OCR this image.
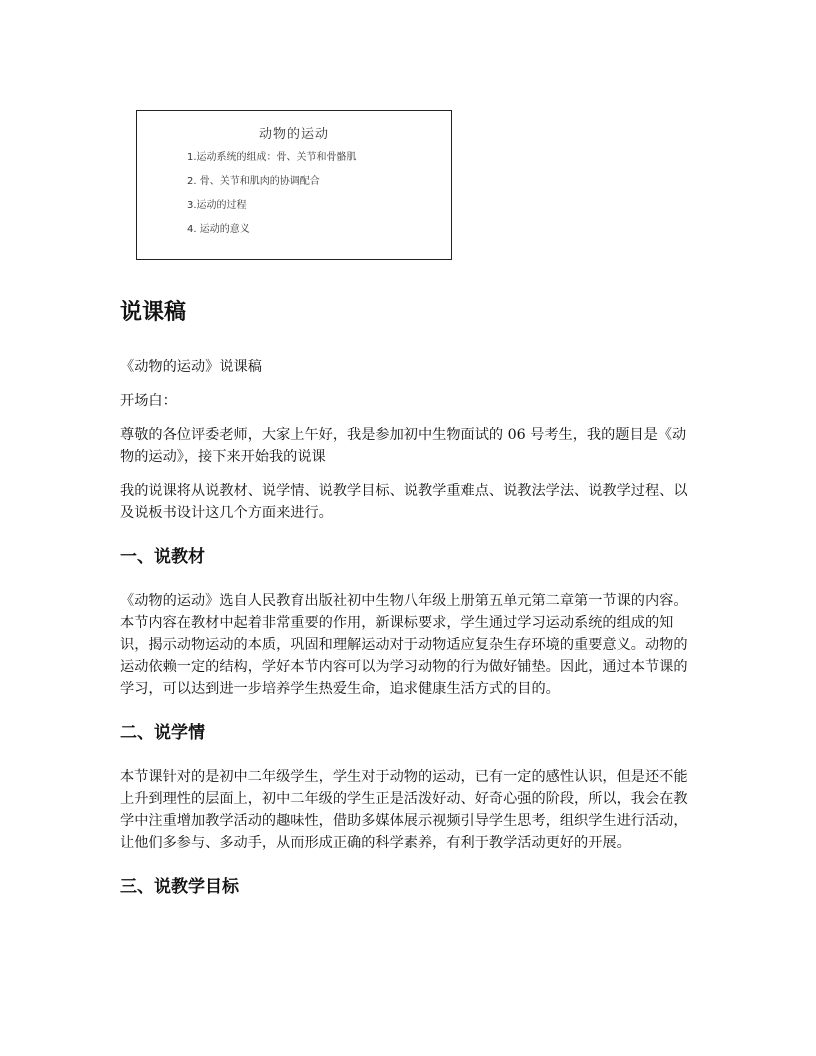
动物的运动
1.运动系统的组成：骨、关节和骨骼肌
2. 骨、关节和肌肉的协调配合
3.运动的过程
4. 运动的意义
说课稿

《动物的运动》说课稿

开场白：

尊敬的各位评委老师，大家上午好，我是参加初中生物面试的 06 号考生，我的题目是《动物的运动》，接下来开始我的说课

我的说课将从说教材、说学情、说教学目标、说教学重难点、说教法学法、说教学过程、以及说板书设计这几个方面来进行。

一、说教材

《动物的运动》选自人民教育出版社初中生物八年级上册第五单元第二章第一节课的内容。本节内容在教材中起着非常重要的作用，新课标要求，学生通过学习运动系统的组成的知识，揭示动物运动的本质，巩固和理解运动对于动物适应复杂生存环境的重要意义。动物的运动依赖一定的结构，学好本节内容可以为学习动物的行为做好铺垫。因此，通过本节课的学习，可以达到进一步培养学生热爱生命，追求健康生活方式的目的。

二、说学情

本节课针对的是初中二年级学生，学生对于动物的运动，已有一定的感性认识，但是还不能上升到理性的层面上，初中二年级的学生正是活泼好动、好奇心强的阶段，所以，我会在教学中注重增加教学活动的趣味性，借助多媒体展示视频引导学生思考，组织学生进行活动，让他们多参与、多动手，从而形成正确的科学素养，有利于教学活动更好的开展。

三、说教学目标
